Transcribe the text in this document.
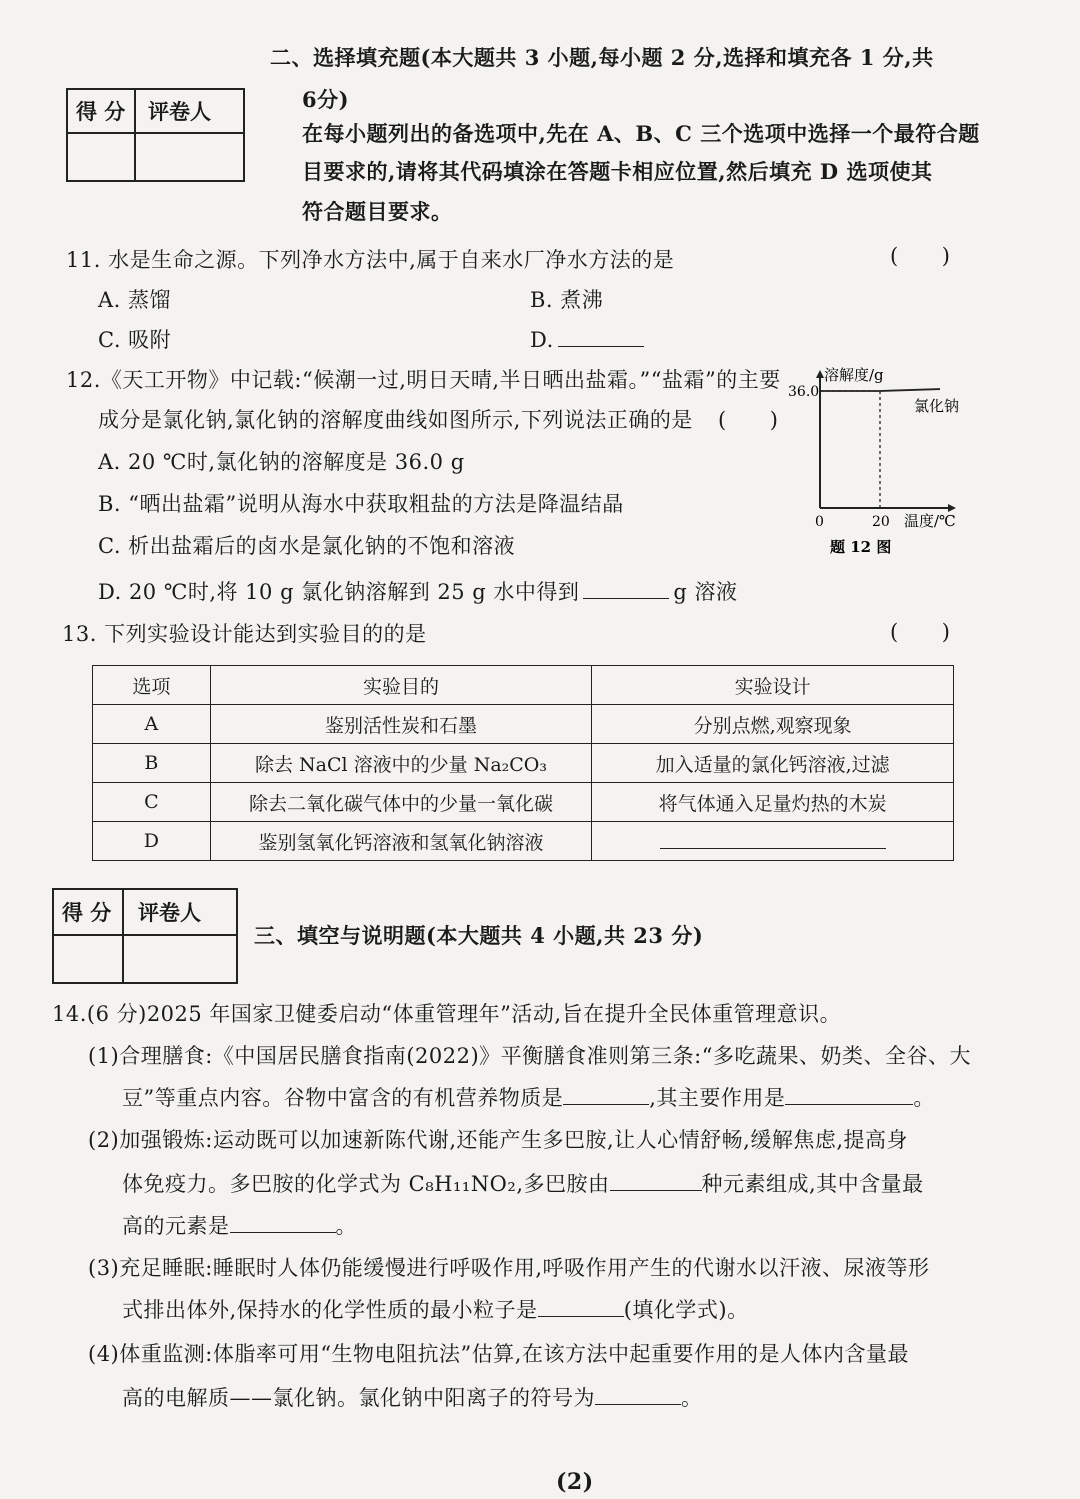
二、选择填充题(本大题共 3 小题,每小题 2 分,选择和填充各 1 分,共
6分)
在每小题列出的备选项中,先在 A、B、C 三个选项中选择一个最符合题
目要求的,请将其代码填涂在答题卡相应位置,然后填充 D 选项使其
符合题目要求。
得 分 评卷人
11. 水是生命之源。下列净水方法中,属于自来水厂净水方法的是	(　　)
A. 蒸馏	B. 煮沸
C. 吸附	D.
12.《天工开物》中记载:“候潮一过,明日天晴,半日晒出盐霜。”“盐霜”的主要
成分是氯化钠,氯化钠的溶解度曲线如图所示,下列说法正确的是 (　　)
A. 20 ℃时,氯化钠的溶解度是 36.0 g
B. “晒出盐霜”说明从海水中获取粗盐的方法是降温结晶
C. 析出盐霜后的卤水是氯化钠的不饱和溶液
D. 20 ℃时,将 10 g 氯化钠溶解到 25 g 水中得到	g 溶液
溶解度/g
温度/℃
36.0
0	20
氯化钠
题 12 图
13. 下列实验设计能达到实验目的的是	(　　)
选项	实验目的	实验设计
A	鉴别活性炭和石墨	分别点燃,观察现象
B	除去 NaCl 溶液中的少量 Na₂CO₃	加入适量的氯化钙溶液,过滤
C	除去二氧化碳气体中的少量一氧化碳	将气体通入足量灼热的木炭
D	鉴别氢氧化钙溶液和氢氧化钠溶液	
得 分 评卷人
三、填空与说明题(本大题共 4 小题,共 23 分)
14.(6 分)2025 年国家卫健委启动“体重管理年”活动,旨在提升全民体重管理意识。
(1)合理膳食:《中国居民膳食指南(2022)》平衡膳食准则第三条:“多吃蔬果、奶类、全谷、大
豆”等重点内容。谷物中富含的有机营养物质是	,其主要作用是	。
(2)加强锻炼:运动既可以加速新陈代谢,还能产生多巴胺,让人心情舒畅,缓解焦虑,提高身
体免疫力。多巴胺的化学式为 C₈H₁₁NO₂,多巴胺由	种元素组成,其中含量最
高的元素是	。
(3)充足睡眠:睡眠时人体仍能缓慢进行呼吸作用,呼吸作用产生的代谢水以汗液、尿液等形
式排出体外,保持水的化学性质的最小粒子是	(填化学式)。
(4)体重监测:体脂率可用“生物电阻抗法”估算,在该方法中起重要作用的是人体内含量最
高的电解质——氯化钠。氯化钠中阳离子的符号为	。
(2)
